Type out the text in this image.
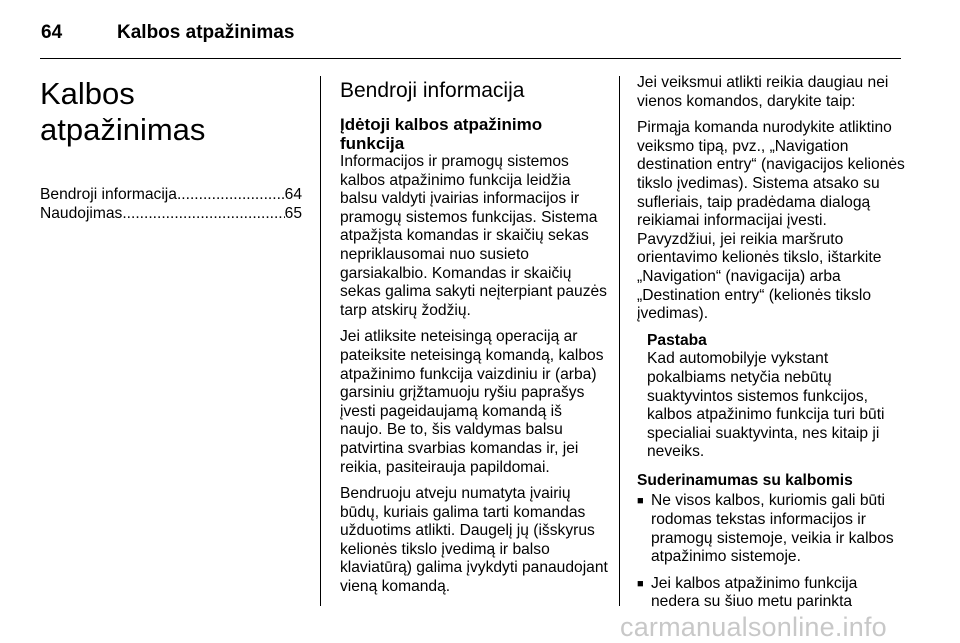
64	Kalbos atpažinimas
Kalbos atpažinimas
Bendroji informacija .....	64
Naudojimas .....	65
Bendroji informacija
Įdėtoji kalbos atpažinimo funkcija

Informacijos ir pramogų sistemos kalbos atpažinimo funkcija leidžia balsu valdyti įvairias informacijos ir pramogų sistemos funkcijas. Sistema atpažįsta komandas ir skaičių sekas nepriklausomai nuo susieto garsiakalbio. Komandas ir skaičių sekas galima sakyti neįterpiant pauzės tarp atskirų žodžių.

Jei atliksite neteisingą operaciją ar pateiksite neteisingą komandą, kalbos atpažinimo funkcija vaizdiniu ir (arba) garsiniu grįžtamuoju ryšiu paprašys įvesti pageidaujamą komandą iš naujo. Be to, šis valdymas balsu patvirtina svarbias komandas ir, jei reikia, pasiteirauja papildomai.

Bendruoju atveju numatyta įvairių būdų, kuriais galima tarti komandas užduotims atlikti. Daugelį jų (išskyrus kelionės tikslo įvedimą ir balso klaviatūrą) galima įvykdyti panaudojant vieną komandą.

Jei veiksmui atlikti reikia daugiau nei vienos komandos, darykite taip:

Pirmąja komanda nurodykite atliktino veiksmo tipą, pvz., „Navigation destination entry“ (navigacijos kelionės tikslo įvedimas). Sistema atsako su sufleriais, taip pradėdama dialogą reikiamai informacijai įvesti. Pavyzdžiui, jei reikia maršruto orientavimo kelionės tikslo, ištarkite „Navigation“ (navigacija) arba „Destination entry“ (kelionės tikslo įvedimas).

Pastaba
Kad automobilyje vykstant pokalbiams netyčia nebūtų suaktyvintos sistemos funkcijos, kalbos atpažinimo funkcija turi būti specialiai suaktyvinta, nes kitaip ji neveiks.
Suderinamumas su kalbomis
■ Ne visos kalbos, kuriomis gali būti rodomas tekstas informacijos ir pramogų sistemoje, veikia ir kalbos atpažinimo sistemoje.
■ Jei kalbos atpažinimo funkcija nedera su šiuo metu parinkta
carmanualsonline.info
